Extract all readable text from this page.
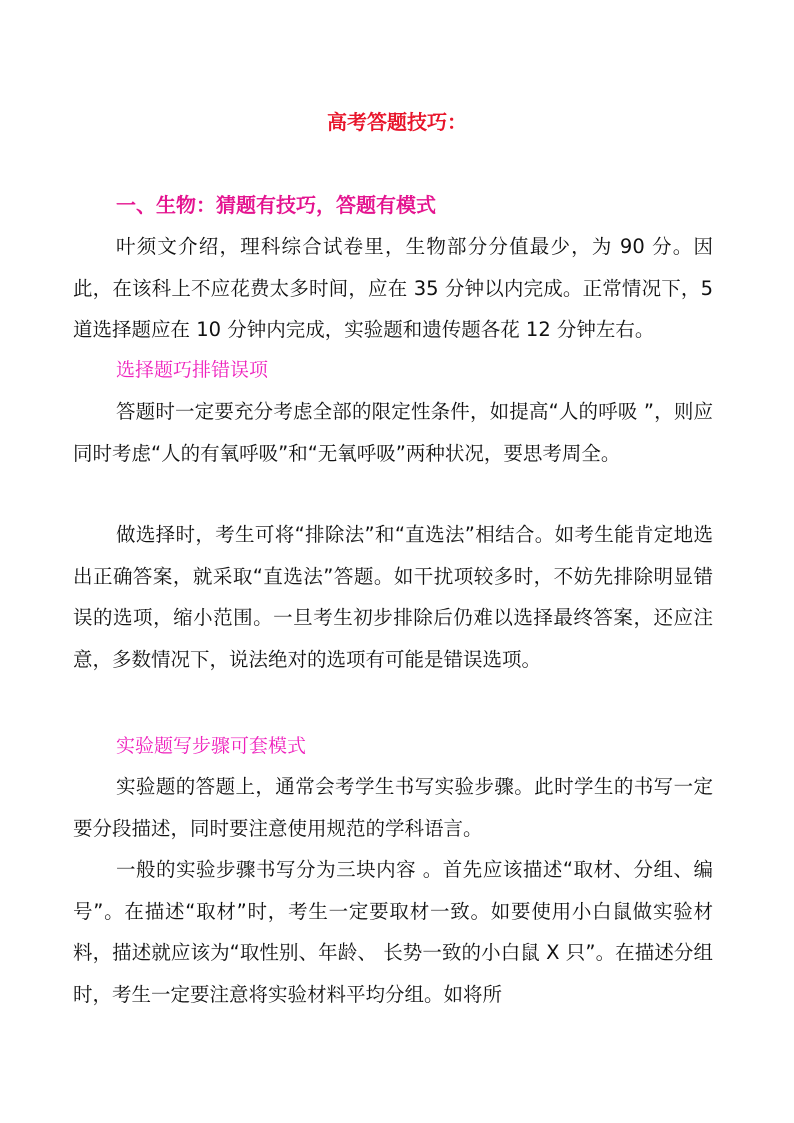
高考答题技巧：
一、生物：猜题有技巧，答题有模式
叶须文介绍，理科综合试卷里，生物部分分值最少，为 90 分。因此，在该科上不应花费太多时间，应在 35 分钟以内完成。正常情况下，5 道选择题应在 10 分钟内完成，实验题和遗传题各花 12 分钟左右。
选择题巧排错误项
答题时一定要充分考虑全部的限定性条件，如提高“人的呼吸 ”，则应同时考虑“人的有氧呼吸”和“无氧呼吸”两种状况，要思考周全。
做选择时，考生可将“排除法”和“直选法”相结合。如考生能肯定地选出正确答案，就采取“直选法”答题。如干扰项较多时，不妨先排除明显错误的选项，缩小范围。一旦考生初步排除后仍难以选择最终答案，还应注意，多数情况下，说法绝对的选项有可能是错误选项。
实验题写步骤可套模式
实验题的答题上，通常会考学生书写实验步骤。此时学生的书写一定要分段描述，同时要注意使用规范的学科语言。
一般的实验步骤书写分为三块内容 。首先应该描述“取材、分组、编号”。在描述“取材”时，考生一定要取材一致。如要使用小白鼠做实验材料，描述就应该为“取性别、年龄、 长势一致的小白鼠 X 只”。在描述分组时，考生一定要注意将实验材料平均分组。如将所
